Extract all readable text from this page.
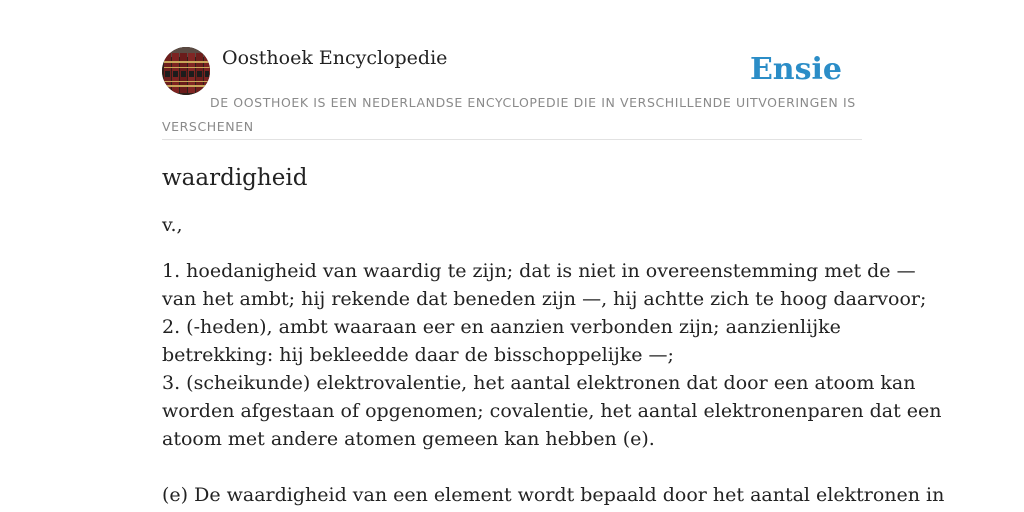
Oosthoek Encyclopedie	Ensie
DE OOSTHOEK IS EEN NEDERLANDSE ENCYCLOPEDIE DIE IN VERSCHILLENDE UITVOERINGEN IS VERSCHENEN
waardigheid

v.,

1. hoedanigheid van waardig te zijn; dat is niet in overeenstemming met de —

van het ambt; hij rekende dat beneden zijn —, hij achtte zich te hoog daarvoor;

2. (-heden), ambt waaraan eer en aanzien verbonden zijn; aanzienlijke

betrekking: hij bekleedde daar de bisschoppelijke —;

3. (scheikunde) elektrovalentie, het aantal elektronen dat door een atoom kan

worden afgestaan of opgenomen; covalentie, het aantal elektronenparen dat een

atoom met andere atomen gemeen kan hebben (e).

(e) De waardigheid van een element wordt bepaald door het aantal elektronen in
